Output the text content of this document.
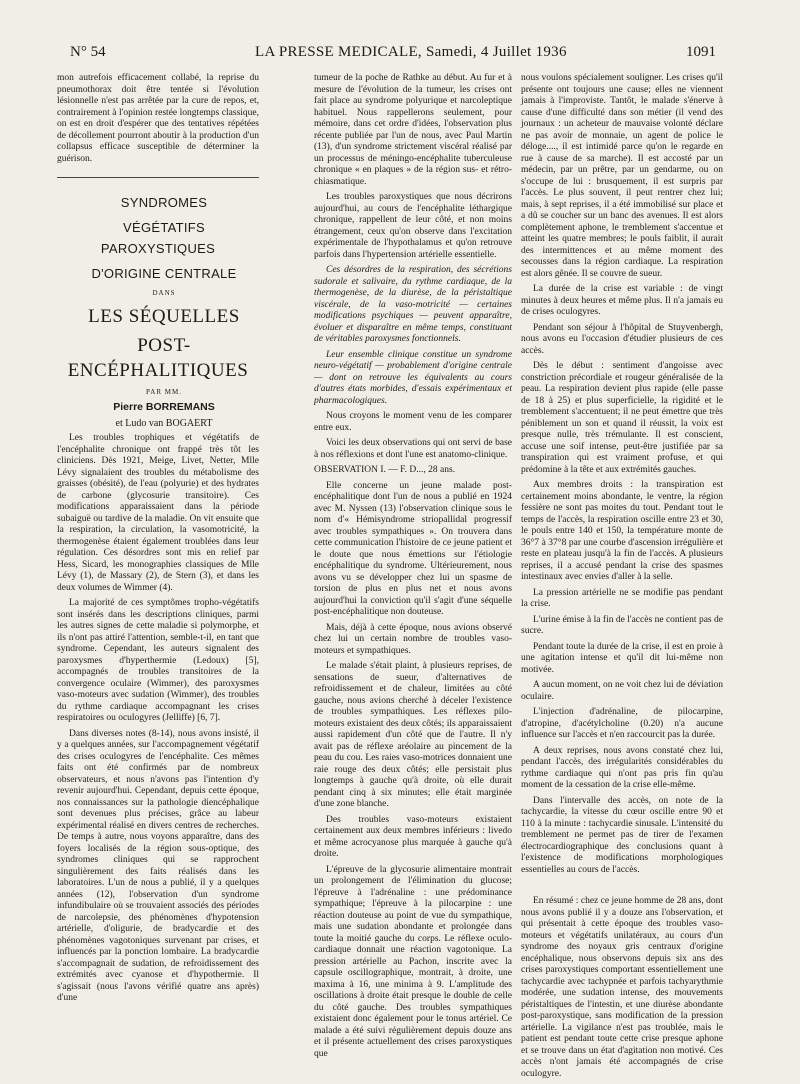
N° 54	LA PRESSE MEDICALE, Samedi, 4 Juillet 1936	1091

mon autrefois efficacement collabé, la reprise du pneumothorax doit être tentée si l'évolution lésionnelle n'est pas arrêtée par la cure de repos, et, contrairement à l'opinion restée longtemps classique, on est en droit d'espérer que des tentatives répétées de décollement pourront aboutir à la production d'un collapsus efficace susceptible de déterminer la guérison.

SYNDROMES

VÉGÉTATIFS PAROXYSTIQUES

D'ORIGINE CENTRALE

DANS

LES SÉQUELLES

POST-ENCÉPHALITIQUES

PAR MM.

Pierre BORREMANS

et Ludo van BOGAERT

Les troubles trophiques et végétatifs de l'encéphalite chronique ont frappé très tôt les cliniciens. Dès 1921, Meige, Livet, Netter, Mlle Lévy signalaient des troubles du métabolisme des graisses (obésité), de l'eau (polyurie) et des hydrates de carbone (glycosurie transitoire). Ces modifications apparaissaient dans la période subaiguë ou tardive de la maladie. On vit ensuite que la respiration, la circulation, la vasomotricité, la thermogenèse étaient également troublées dans leur régulation. Ces désordres sont mis en relief par Hess, Sicard, les monographies classiques de Mlle Lévy (1), de Massary (2), de Stern (3), et dans les deux volumes de Wimmer (4).

La majorité de ces symptômes tropho-végétatifs sont insérés dans les descriptions cliniques, parmi les autres signes de cette maladie si polymorphe, et ils n'ont pas attiré l'attention, semble-t-il, en tant que syndrome. Cependant, les auteurs signalent des paroxysmes d'hyperthermie (Ledoux) [5], accompagnés de troubles transitoires de la convergence oculaire (Wimmer), des paroxysmes vaso-moteurs avec sudation (Wimmer), des troubles du rythme cardiaque accompagnant les crises respiratoires ou oculogyres (Jelliffe) [6, 7].

Dans diverses notes (8-14), nous avons insisté, il y a quelques années, sur l'accompagnement végétatif des crises oculogyres de l'encéphalite. Ces mêmes faits ont été confirmés par de nombreux observateurs, et nous n'avons pas l'intention d'y revenir aujourd'hui. Cependant, depuis cette époque, nos connaissances sur la pathologie diencéphalique sont devenues plus précises, grâce au labeur expérimental réalisé en divers centres de recherches. De temps à autre, nous voyons apparaître, dans des foyers localisés de la région sous-optique, des syndromes cliniques qui se rapprochent singulièrement des faits réalisés dans les laboratoires. L'un de nous a publié, il y a quelques années (12), l'observation d'un syndrome infundibulaire où se trouvaient associés des périodes de narcolepsie, des phénomènes d'hypotension artérielle, d'oligurie, de bradycardie et des phénomènes vagotoniques survenant par crises, et influencés par la ponction lombaire. La bradycardie s'accompagnait de sudation, de refroidissement des extrémités avec cyanose et d'hypothermie. Il s'agissait (nous l'avons vérifié quatre ans après) d'une

tumeur de la poche de Rathke au début. Au fur et à mesure de l'évolution de la tumeur, les crises ont fait place au syndrome polyurique et narcoleptique habituel. Nous rappellerons seulement, pour mémoire, dans cet ordre d'idées, l'observation plus récente publiée par l'un de nous, avec Paul Martin (13), d'un syndrome strictement viscéral réalisé par un processus de méningo-encéphalite tuberculeuse chronique « en plaques » de la région sus- et rétro-chiasmatique.

Les troubles paroxystiques que nous décrirons aujourd'hui, au cours de l'encéphalite léthargique chronique, rappellent de leur côté, et non moins étrangement, ceux qu'on observe dans l'excitation expérimentale de l'hypothalamus et qu'on retrouve parfois dans l'hypertension artérielle essentielle.

Ces désordres de la respiration, des sécrétions sudorale et salivaire, du rythme cardiaque, de la thermogenèse, de la diurèse, de la péristaltique viscérale, de la vaso-motricité — certaines modifications psychiques — peuvent apparaître, évoluer et disparaître en même temps, constituant de véritables paroxysmes fonctionnels.

Leur ensemble clinique constitue un syndrome neuro-végétatif — probablement d'origine centrale — dont on retrouve les équivalents au cours d'autres états morbides, d'essais expérimentaux et pharmacologiques.

Nous croyons le moment venu de les comparer entre eux.

Voici les deux observations qui ont servi de base à nos réflexions et dont l'une est anatomo-clinique.

OBSERVATION I. — F. D..., 28 ans.

Elle concerne un jeune malade post-encéphalitique dont l'un de nous a publié en 1924 avec M. Nyssen (13) l'observation clinique sous le nom d'« Hémisyndrome striopallidal progressif avec troubles sympathiques ». On trouvera dans cette communication l'histoire de ce jeune patient et le doute que nous émettions sur l'étiologie encéphalitique du syndrome. Ultérieurement, nous avons vu se développer chez lui un spasme de torsion de plus en plus net et nous avons aujourd'hui la conviction qu'il s'agit d'une séquelle post-encéphalitique non douteuse.

Mais, déjà à cette époque, nous avions observé chez lui un certain nombre de troubles vaso-moteurs et sympathiques.

Le malade s'était plaint, à plusieurs reprises, de sensations de sueur, d'alternatives de refroidissement et de chaleur, limitées au côté gauche, nous avions cherché à déceler l'existence de troubles sympathiques. Les réflexes pilo-moteurs existaient des deux côtés; ils apparaissaient aussi rapidement d'un côté que de l'autre. Il n'y avait pas de réflexe aréolaire au pincement de la peau du cou. Les raies vaso-motrices donnaient une raie rouge des deux côtés; elle persistait plus longtemps à gauche qu'à droite, où elle durait pendant cinq à six minutes; elle était marginée d'une zone blanche.

Des troubles vaso-moteurs existaient certainement aux deux membres inférieurs : livedo et même acrocyanose plus marquée à gauche qu'à droite.

L'épreuve de la glycosurie alimentaire montrait un prolongement de l'élimination du glucose; l'épreuve à l'adrénaline : une prédominance sympathique; l'épreuve à la pilocarpine : une réaction douteuse au point de vue du sympathique, mais une sudation abondante et prolongée dans toute la moitié gauche du corps. Le réflexe oculo-cardiaque donnait une réaction vagotonique. La pression artérielle au Pachon, inscrite avec la capsule oscillographique, montrait, à droite, une maxima à 16, une minima à 9. L'amplitude des oscillations à droite était presque le double de celle du côté gauche. Des troubles sympathiques existaient donc également pour le tonus artériel. Ce malade a été suivi régulièrement depuis douze ans et il présente actuellement des crises paroxystiques que

nous voulons spécialement souligner. Les crises qu'il présente ont toujours une cause; elles ne viennent jamais à l'improviste. Tantôt, le malade s'énerve à cause d'une difficulté dans son métier (il vend des journaux : un acheteur de mauvaise volonté déclare ne pas avoir de monnaie, un agent de police le déloge...., il est intimidé parce qu'on le regarde en rue à cause de sa marche). Il est accosté par un médecin, par un prêtre, par un gendarme, ou on s'occupe de lui : brusquement, il est surpris par l'accès. Le plus souvent, il peut rentrer chez lui; mais, à sept reprises, il a été immobilisé sur place et a dû se coucher sur un banc des avenues. Il est alors complètement aphone, le tremblement s'accentue et atteint les quatre membres; le pouls faiblit, il aurait des intermittences et au même moment des secousses dans la région cardiaque. La respiration est alors gênée. Il se couvre de sueur.

La durée de la crise est variable : de vingt minutes à deux heures et même plus. Il n'a jamais eu de crises oculogyres.

Pendant son séjour à l'hôpital de Stuyvenbergh, nous avons eu l'occasion d'étudier plusieurs de ces accès.

Dès le début : sentiment d'angoisse avec constriction précordiale et rougeur généralisée de la peau. La respiration devient plus rapide (elle passe de 18 à 25) et plus superficielle, la rigidité et le tremblement s'accentuent; il ne peut émettre que très péniblement un son et quand il réussit, la voix est presque nulle, très trémulante. Il est conscient, accuse une soif intense, peut-être justifiée par sa transpiration qui est vraiment profuse, et qui prédomine à la tête et aux extrémités gauches.

Aux membres droits : la transpiration est certainement moins abondante, le ventre, la région fessière ne sont pas moites du tout. Pendant tout le temps de l'accès, la respiration oscille entre 23 et 30, le pouls entre 140 et 150, la température monte de 36°7 à 37°8 par une courbe d'ascension irrégulière et reste en plateau jusqu'à la fin de l'accès. A plusieurs reprises, il a accusé pendant la crise des spasmes intestinaux avec envies d'aller à la selle.

La pression artérielle ne se modifie pas pendant la crise.

L'urine émise à la fin de l'accès ne contient pas de sucre.

Pendant toute la durée de la crise, il est en proie à une agitation intense et qu'il dit lui-même non motivée.

A aucun moment, on ne voit chez lui de déviation oculaire.

L'injection d'adrénaline, de pilocarpine, d'atropine, d'acétylcholine (0.20) n'a aucune influence sur l'accès et n'en raccourcit pas la durée.

A deux reprises, nous avons constaté chez lui, pendant l'accès, des irrégularités considérables du rythme cardiaque qui n'ont pas pris fin qu'au moment de la cessation de la crise elle-même.

Dans l'intervalle des accès, on note de la tachycardie, la vitesse du cœur oscille entre 90 et 110 à la minute : tachycardie sinusale. L'intensité du tremblement ne permet pas de tirer de l'examen électrocardiographique des conclusions quant à l'existence de modifications morphologiques essentielles au cours de l'accès.

En résumé : chez ce jeune homme de 28 ans, dont nous avons publié il y a douze ans l'observation, et qui présentait à cette époque des troubles vaso-moteurs et végétatifs unilatéraux, au cours d'un syndrome des noyaux gris centraux d'origine encéphalique, nous observons depuis six ans des crises paroxystiques comportant essentiellement une tachycardie avec tachypnée et parfois tachyarythmie modérée, une sudation intense, des mouvements péristaltiques de l'intestin, et une diurèse abondante post-paroxystique, sans modification de la pression artérielle. La vigilance n'est pas troublée, mais le patient est pendant toute cette crise presque aphone et se trouve dans un état d'agitation non motivé. Ces accès n'ont jamais été accompagnés de crise oculogyre.
